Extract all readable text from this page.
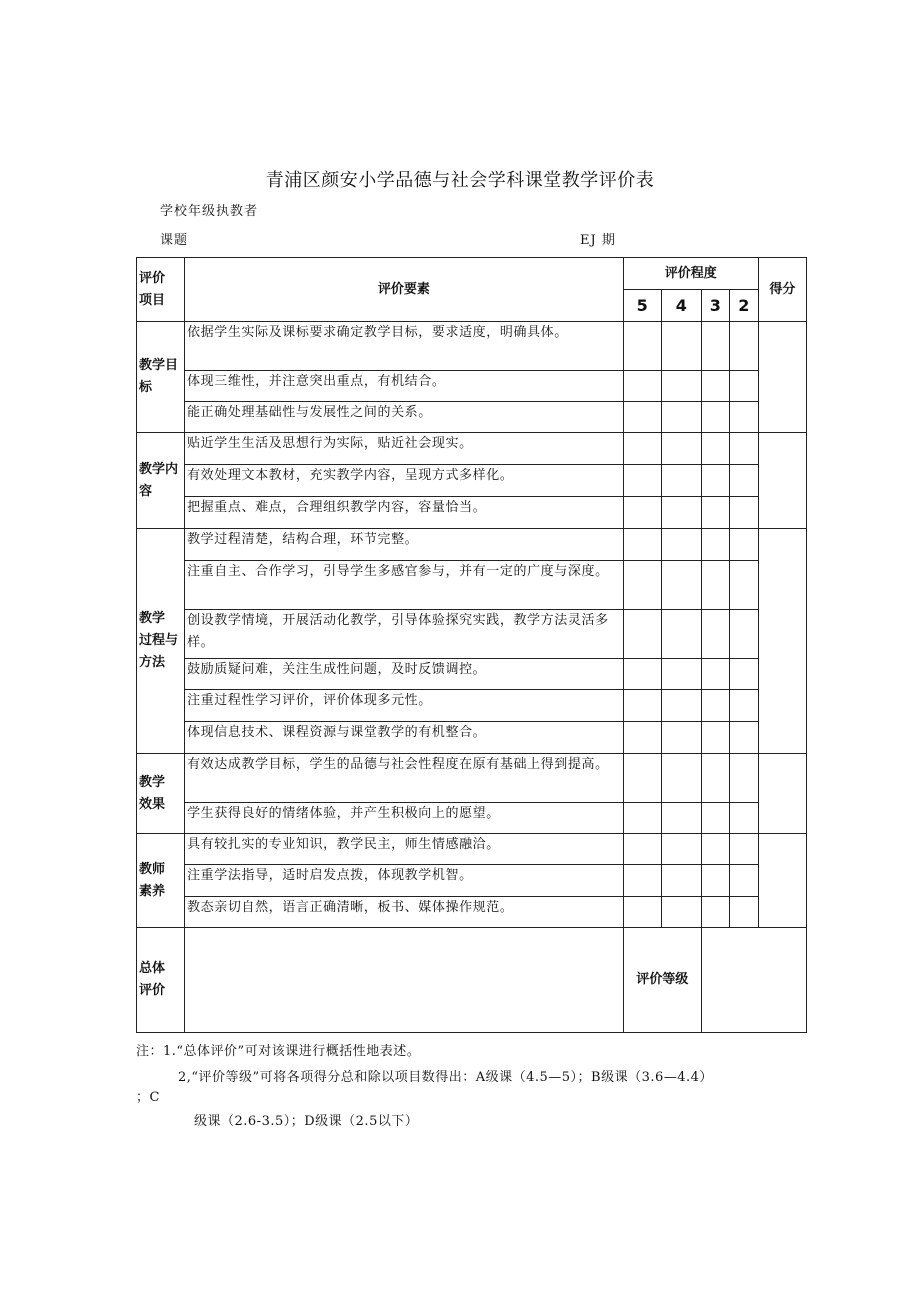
青浦区颜安小学品德与社会学科课堂教学评价表
学校年级执教者
课题	EJ 期
评价
项目	评价要素	评价程度				得分
		5	4	3	2	
教学目
标	依据学生实际及课标要求确定教学目标，要求适度，明确具体。					
	体现三维性，并注意突出重点，有机结合。					
	能正确处理基础性与发展性之间的关系。					
教学内
容	贴近学生生活及思想行为实际，贴近社会现实。					
	有效处理文本教材，充实教学内容，呈现方式多样化。					
	把握重点、难点，合理组织教学内容，容量恰当。					
教学
过程与
方法	教学过程清楚，结构合理，环节完整。					
	注重自主、合作学习，引导学生多感官参与，并有一定的广度与深度。					
	创设教学情境，开展活动化教学，引导体验探究实践，教学方法灵活多样。					
	鼓励质疑问难，关注生成性问题，及时反馈调控。					
	注重过程性学习评价，评价体现多元性。					
	体现信息技术、课程资源与课堂教学的有机整合。					
教学
效果	有效达成教学目标，学生的品德与社会性程度在原有基础上得到提高。					
	学生获得良好的情绪体验，并产生积极向上的愿望。					
教师
素养	具有较扎实的专业知识，教学民主，师生情感融洽。					
	注重学法指导，适时启发点拨，体现教学机智。					
	教态亲切自然，语言正确清晰，板书、媒体操作规范。					
总体
评价		评价等级				
注：1.“总体评价”可对该课进行概括性地表述。
2,“评价等级”可将各项得分总和除以项目数得出：A级课（4.5—5）；B级课（3.6—4.4）
；C
级课（2.6-3.5）；D级课（2.5以下）
